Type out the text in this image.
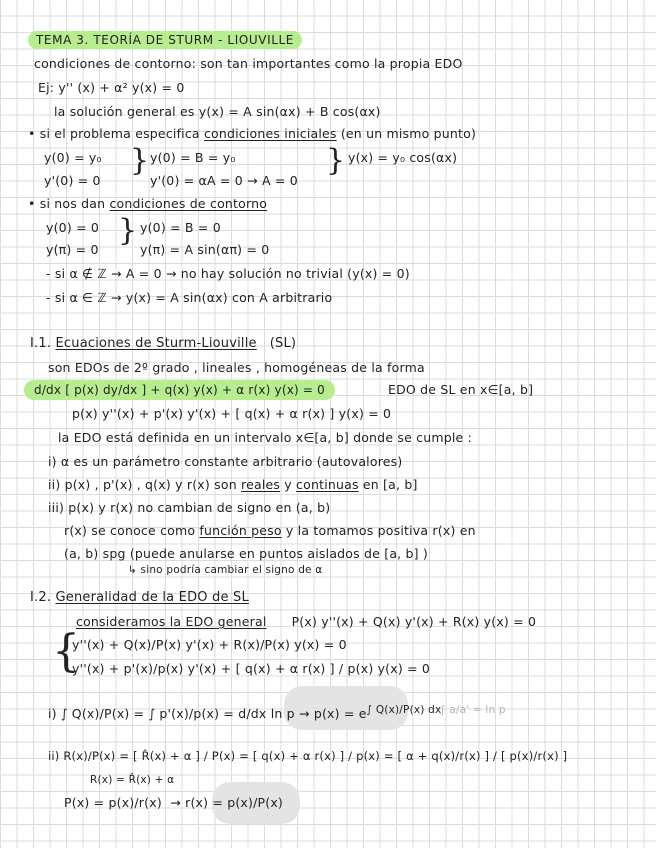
TEMA 3. TEORÍA DE STURM - LIOUVILLE
condiciones de contorno: son tan importantes como la propia EDO
Ej: y'' (x) + α² y(x) = 0
la solución general es y(x) = A sin(αx) + B cos(αx)
• si el problema especifica condiciones iniciales (en un mismo punto)
y(0) = y₀ } y(0) = B = y₀	} y(x) = y₀ cos(αx)
y'(0) = 0	y'(0) = αA = 0 → A = 0
• si nos dan condiciones de contorno
y(0) = 0 } y(0) = B = 0
y(π) = 0	y(π) = A sin(απ) = 0
- si α ∉ ℤ → A = 0 → no hay solución no trivial (y(x) = 0)
- si α ∈ ℤ → y(x) = A sin(αx) con A arbitrario
I.1. Ecuaciones de Sturm-Liouville (SL)
son EDOs de 2º grado , lineales , homogéneas de la forma
d/dx [ p(x) dy/dx ] + q(x) y(x) + α r(x) y(x) = 0	EDO de SL en x∈[a, b]
p(x) y''(x) + p'(x) y'(x) + [ q(x) + α r(x) ] y(x) = 0
la EDO está definida en un intervalo x∈[a, b] donde se cumple :
i) α es un parámetro constante arbitrario (autovalores)
ii) p(x) , p'(x) , q(x) y r(x) son reales y continuas en [a, b]
iii) p(x) y r(x) no cambian de signo en (a, b)
r(x) se conoce como función peso y la tomamos positiva r(x) en
(a, b) spg (puede anularse en puntos aislados de [a, b] )
↳ sino podría cambiar el signo de α
I.2. Generalidad de la EDO de SL
consideramos la EDO general P(x) y''(x) + Q(x) y'(x) + R(x) y(x) = 0
{
y''(x) + Q(x)/P(x) y'(x) + R(x)/P(x) y(x) = 0
y''(x) + p'(x)/p(x) y'(x) + [ q(x) + α r(x) ] / p(x) y(x) = 0
i) ∫ Q(x)/P(x) = ∫ p'(x)/p(x) = d/dx $\ln p \to p(x) = e^{\int Q(x)/P(x) dx}$
∫ a/a' = ln p
ii) R(x)/P(x) = [ R̂(x) + α ] / P(x) = [ q(x) + α r(x) ] / p(x) = [ α + q(x)/r(x) ] / [ p(x)/r(x) ]
R(x) = R̂(x) + α
P(x) = p(x)/r(x) → r(x) = p(x)/P(x)
